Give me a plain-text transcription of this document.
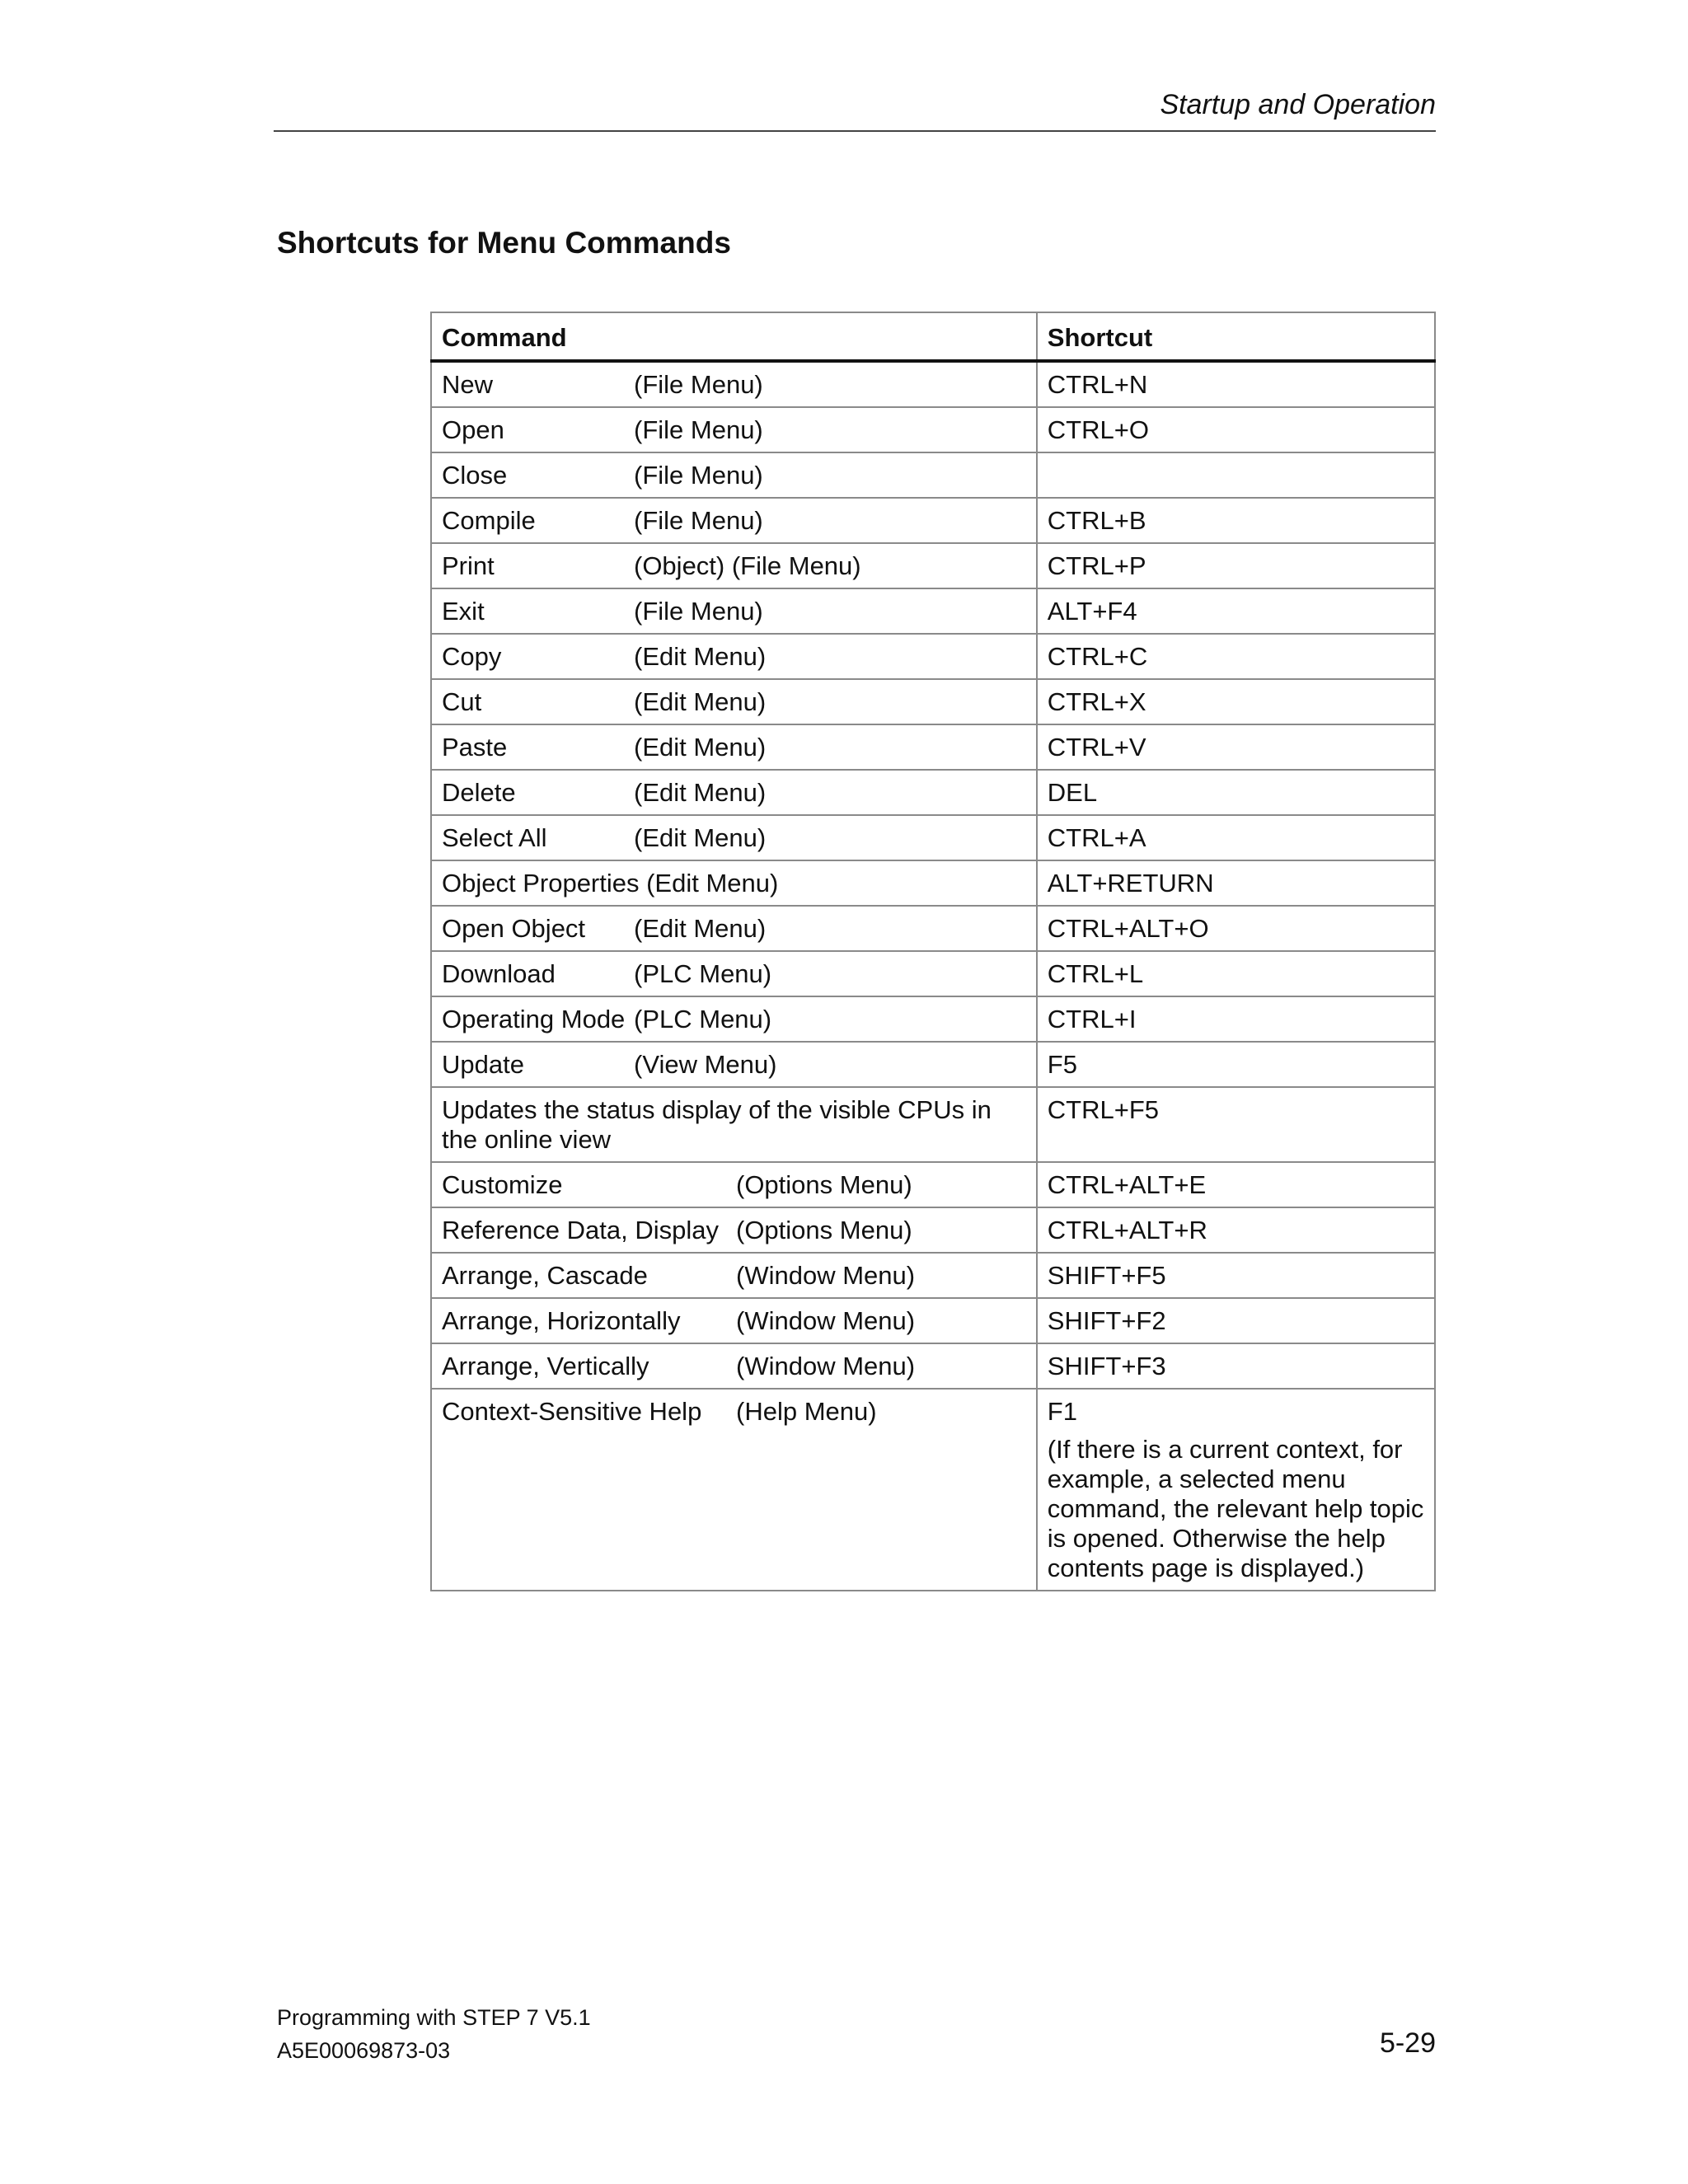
Startup and Operation
Shortcuts for Menu Commands
Command	Shortcut
New (File Menu)	CTRL+N
Open (File Menu)	CTRL+O
Close (File Menu)	
Compile (File Menu)	CTRL+B
Print (Object) (File Menu)	CTRL+P
Exit (File Menu)	ALT+F4
Copy (Edit Menu)	CTRL+C
Cut (Edit Menu)	CTRL+X
Paste (Edit Menu)	CTRL+V
Delete (Edit Menu)	DEL
Select All (Edit Menu)	CTRL+A
Object Properties (Edit Menu)	ALT+RETURN
Open Object (Edit Menu)	CTRL+ALT+O
Download (PLC Menu)	CTRL+L
Operating Mode (PLC Menu)	CTRL+I
Update (View Menu)	F5
Updates the status display of the visible CPUs in the online view	CTRL+F5
Customize (Options Menu)	CTRL+ALT+E
Reference Data, Display (Options Menu)	CTRL+ALT+R
Arrange, Cascade (Window Menu)	SHIFT+F5
Arrange, Horizontally (Window Menu)	SHIFT+F2
Arrange, Vertically (Window Menu)	SHIFT+F3
Context-Sensitive Help (Help Menu)	F1
(If there is a current context, for example, a selected menu command, the relevant help topic is opened. Otherwise the help contents page is displayed.)
Programming with STEP 7 V5.1
A5E00069873-03	5-29
